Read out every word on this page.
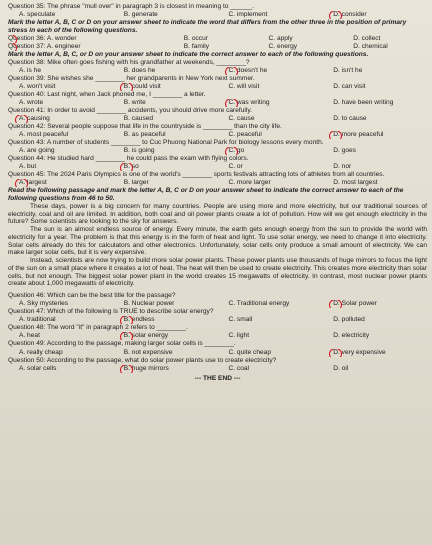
Question 35: The phrase "mull over" in paragraph 3 is closest in meaning to ______.
A. speculate	B. generate	C. implement	D. consider
Mark the letter A, B, C or D on your answer sheet to indicate the word that differs from the other three in the position of primary stress in each of the following questions.
Question 36: A. wonder	B. occur	C. apply	D. collect
Question 37: A. engineer	B. family	C. energy	D. chemical
Mark the letter A, B, C, or D on your answer sheet to indicate the correct answer to each of the following questions.
Question 38: Mike often goes fishing with his grandfather at weekends, ________?
A. is he	B. does he	C. doesn't he	D. isn't he
Question 39: She wishes she ________ her grandparents in New York next summer.
A. won't visit	B. could visit	C. will visit	D. can visit
Question 40: Last night, when Jack phoned me, I ________ a letter.
A. wrote	B. write	C. was writing	D. have been writing
Question 41: In order to avoid ________ accidents, you should drive more carefully.
A. causing	B. caused	C. cause	D. to cause
Question 42: Several people suppose that life in the countryside is ________ than the city life.
A. most peaceful	B. as peaceful	C. peaceful	D. more peaceful
Question 43: A number of students ________ to Cuc Phuong National Park for biology lessons every month.
A. are going	B. is going	C. go	D. goes
Question 44: He studied hard ________ he could pass the exam with flying colors.
A. but	B. so	C. or	D. nor
Question 45: The 2024 Paris Olympics is one of the world's ________ sports festivals attracting lots of athletes from all countries.
A. largest	B. larger	C. more larger	D. most largest
Read the following passage and mark the letter A, B, C or D on your answer sheet to indicate the correct answer to each of the following questions from 46 to 50.
These days, power is a big concern for many countries. People are using more and more electricity, but our traditional sources of electricity, coal and oil are limited. In addition, both coal and oil power plants create a lot of pollution. How will we get enough electricity in the future? Some scientists are looking to the sky for answers.
The sun is an almost endless source of energy. Every minute, the earth gets enough energy from the sun to provide the world with electricity for a year. The problem is that this energy is in the form of heat and light. To use solar energy, we need to change it into electricity. Solar cells already do this for calculators and other electronics. Unfortunately, solar cells only produce a small amount of electricity. We can make larger solar cells, but it is very expensive.
Instead, scientists are now trying to build more solar power plants. These power plants use thousands of huge mirrors to focus the light of the sun on a small place where it creates a lot of heat. The heat will then be used to create electricity. This creates more electricity than solar cells, but not enough. The biggest solar power plant in the world creates 15 megawatts of electricity. In contrast, most nuclear power plants create about 1,000 megawatts of electricity.
Question 46: Which can be the best title for the passage?
A. Sky mysteries	B. Nuclear power	C. Traditional energy	D. Solar power
Question 47: Which of the following is TRUE to describe solar energy?
A. traditional	B. endless	C. small	D. polluted
Question 48: The word "it" in paragraph 2 refers to ________.
A. heat	B. solar energy	C. light	D. electricity
Question 49: According to the passage, making larger solar cells is ________.
A. really cheap	B. not expensive	C. quite cheap	D. very expensive
Question 50: According to the passage, what do solar power plants use to create electricity?
A. solar cells	B. huge mirrors	C. coal	D. oil
--- THE END ---
